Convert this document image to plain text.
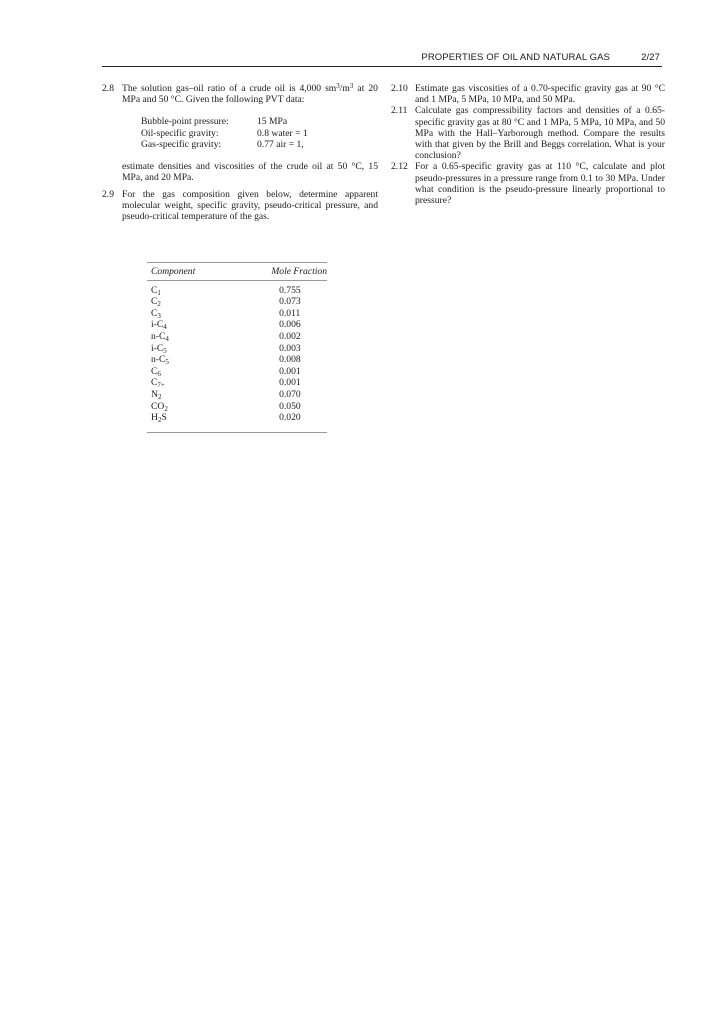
PROPERTIES OF OIL AND NATURAL GAS	2/27
2.8 The solution gas–oil ratio of a crude oil is 4,000 $sm^3/m^3$ at 20 MPa and 50 °C. Given the following PVT data:
Bubble-point pressure:	15 MPa
Oil-specific gravity:	0.8 water = 1
Gas-specific gravity:	0.77 air = 1,
estimate densities and viscosities of the crude oil at 50 °C, 15 MPa, and 20 MPa.
2.9 For the gas composition given below, determine apparent molecular weight, specific gravity, pseudo-critical pressure, and pseudo-critical temperature of the gas.
Component	Mole Fraction
$C_1$	0.755
$C_2$	0.073
$C_3$	0.011
$i-C_4$	0.006
$n-C_4$	0.002
$i-C_5$	0.003
$n-C_5$	0.008
$C_6$	0.001
$C_{7+}$	0.001
$N_2$	0.070
$CO_2$	0.050
$H_2S$	0.020
2.10 Estimate gas viscosities of a 0.70-specific gravity gas at 90 °C and 1 MPa, 5 MPa, 10 MPa, and 50 MPa.
2.11 Calculate gas compressibility factors and densities of a 0.65-specific gravity gas at 80 °C and 1 MPa, 5 MPa, 10 MPa, and 50 MPa with the Hall–Yarborough method. Compare the results with that given by the Brill and Beggs correlation. What is your conclusion?
2.12 For a 0.65-specific gravity gas at 110 °C, calculate and plot pseudo-pressures in a pressure range from 0.1 to 30 MPa. Under what condition is the pseudo-pressure linearly proportional to pressure?
